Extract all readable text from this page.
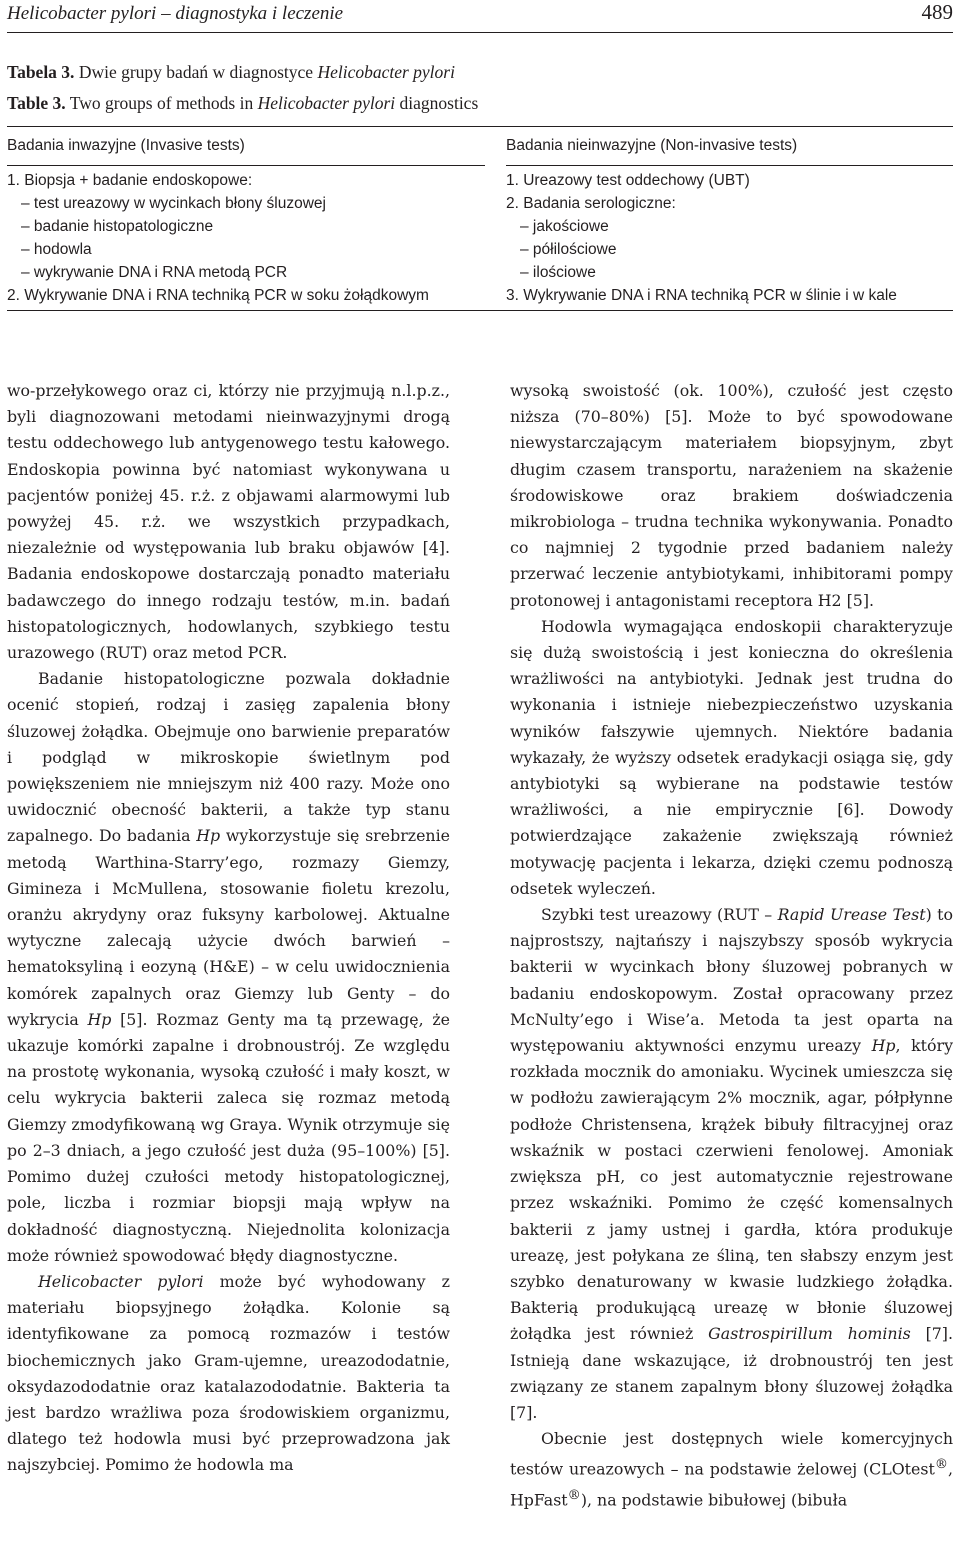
Helicobacter pylori – diagnostyka i leczenie	489
Tabela 3. Dwie grupy badań w diagnostyce Helicobacter pylori
Table 3. Two groups of methods in Helicobacter pylori diagnostics
Badania inwazyjne (Invasive tests)	Badania nieinwazyjne (Non-invasive tests)
1. Biopsja + badanie endoskopowe:
– test ureazowy w wycinkach błony śluzowej
– badanie histopatologiczne
– hodowla
– wykrywanie DNA i RNA metodą PCR
2. Wykrywanie DNA i RNA techniką PCR w soku żołądkowym
1. Ureazowy test oddechowy (UBT)
2. Badania serologiczne:
– jakościowe
– półilościowe
– ilościowe
3. Wykrywanie DNA i RNA techniką PCR w ślinie i w kale

wo-przełykowego oraz ci, którzy nie przyjmują n.l.p.z., byli diagnozowani metodami nieinwazyjnymi drogą testu oddechowego lub antygenowego testu kałowego. Endoskopia powinna być natomiast wykonywana u pacjentów poniżej 45. r.ż. z objawami alarmowymi lub powyżej 45. r.ż. we wszystkich przypadkach, niezależnie od występowania lub braku objawów [4]. Badania endoskopowe dostarczają ponadto materiału badawczego do innego rodzaju testów, m.in. badań histopatologicznych, hodowlanych, szybkiego testu urazowego (RUT) oraz metod PCR.

Badanie histopatologiczne pozwala dokładnie ocenić stopień, rodzaj i zasięg zapalenia błony śluzowej żołądka. Obejmuje ono barwienie preparatów i podgląd w mikroskopie świetlnym pod powiększeniem nie mniejszym niż 400 razy. Może ono uwidocznić obecność bakterii, a także typ stanu zapalnego. Do badania Hp wykorzystuje się srebrzenie metodą Warthina-Starry’ego, rozmazy Giemzy, Gimineza i McMullena, stosowanie fioletu krezolu, oranżu akrydyny oraz fuksyny karbolowej. Aktualne wytyczne zalecają użycie dwóch barwień – hematoksyliną i eozyną (H&E) – w celu uwidocznienia komórek zapalnych oraz Giemzy lub Genty – do wykrycia Hp [5]. Rozmaz Genty ma tą przewagę, że ukazuje komórki zapalne i drobnoustrój. Ze względu na prostotę wykonania, wysoką czułość i mały koszt, w celu wykrycia bakterii zaleca się rozmaz metodą Giemzy zmodyfikowaną wg Graya. Wynik otrzymuje się po 2–3 dniach, a jego czułość jest duża (95–100%) [5]. Pomimo dużej czułości metody histopatologicznej, pole, liczba i rozmiar biopsji mają wpływ na dokładność diagnostyczną. Niejednolita kolonizacja może również spowodować błędy diagnostyczne.

Helicobacter pylori może być wyhodowany z materiału biopsyjnego żołądka. Kolonie są identyfikowane za pomocą rozmazów i testów biochemicznych jako Gram-ujemne, ureazododatnie, oksydazododatnie oraz katalazododatnie. Bakteria ta jest bardzo wrażliwa poza środowiskiem organizmu, dlatego też hodowla musi być przeprowadzona jak najszybciej. Pomimo że hodowla ma

wysoką swoistość (ok. 100%), czułość jest często niższa (70–80%) [5]. Może to być spowodowane niewystarczającym materiałem biopsyjnym, zbyt długim czasem transportu, narażeniem na skażenie środowiskowe oraz brakiem doświadczenia mikrobiologa – trudna technika wykonywania. Ponadto co najmniej 2 tygodnie przed badaniem należy przerwać leczenie antybiotykami, inhibitorami pompy protonowej i antagonistami receptora H2 [5].

Hodowla wymagająca endoskopii charakteryzuje się dużą swoistością i jest konieczna do określenia wrażliwości na antybiotyki. Jednak jest trudna do wykonania i istnieje niebezpieczeństwo uzyskania wyników fałszywie ujemnych. Niektóre badania wykazały, że wyższy odsetek eradykacji osiąga się, gdy antybiotyki są wybierane na podstawie testów wrażliwości, a nie empirycznie [6]. Dowody potwierdzające zakażenie zwiększają również motywację pacjenta i lekarza, dzięki czemu podnoszą odsetek wyleczeń.

Szybki test ureazowy (RUT – Rapid Urease Test) to najprostszy, najtańszy i najszybszy sposób wykrycia bakterii w wycinkach błony śluzowej pobranych w badaniu endoskopowym. Został opracowany przez McNulty’ego i Wise’a. Metoda ta jest oparta na występowaniu aktywności enzymu ureazy Hp, który rozkłada mocznik do amoniaku. Wycinek umieszcza się w podłożu zawierającym 2% mocznik, agar, półpłynne podłoże Christensena, krążek bibuły filtracyjnej oraz wskaźnik w postaci czerwieni fenolowej. Amoniak zwiększa pH, co jest automatycznie rejestrowane przez wskaźniki. Pomimo że część komensalnych bakterii z jamy ustnej i gardła, która produkuje ureazę, jest połykana ze śliną, ten słabszy enzym jest szybko denaturowany w kwasie ludzkiego żołądka. Bakterią produkującą ureazę w błonie śluzowej żołądka jest również Gastrospirillum hominis [7]. Istnieją dane wskazujące, iż drobnoustrój ten jest związany ze stanem zapalnym błony śluzowej żołądka [7].

Obecnie jest dostępnych wiele komercyjnych testów ureazowych – na podstawie żelowej (CLOtest®, HpFast®), na podstawie bibułowej (bibuła
